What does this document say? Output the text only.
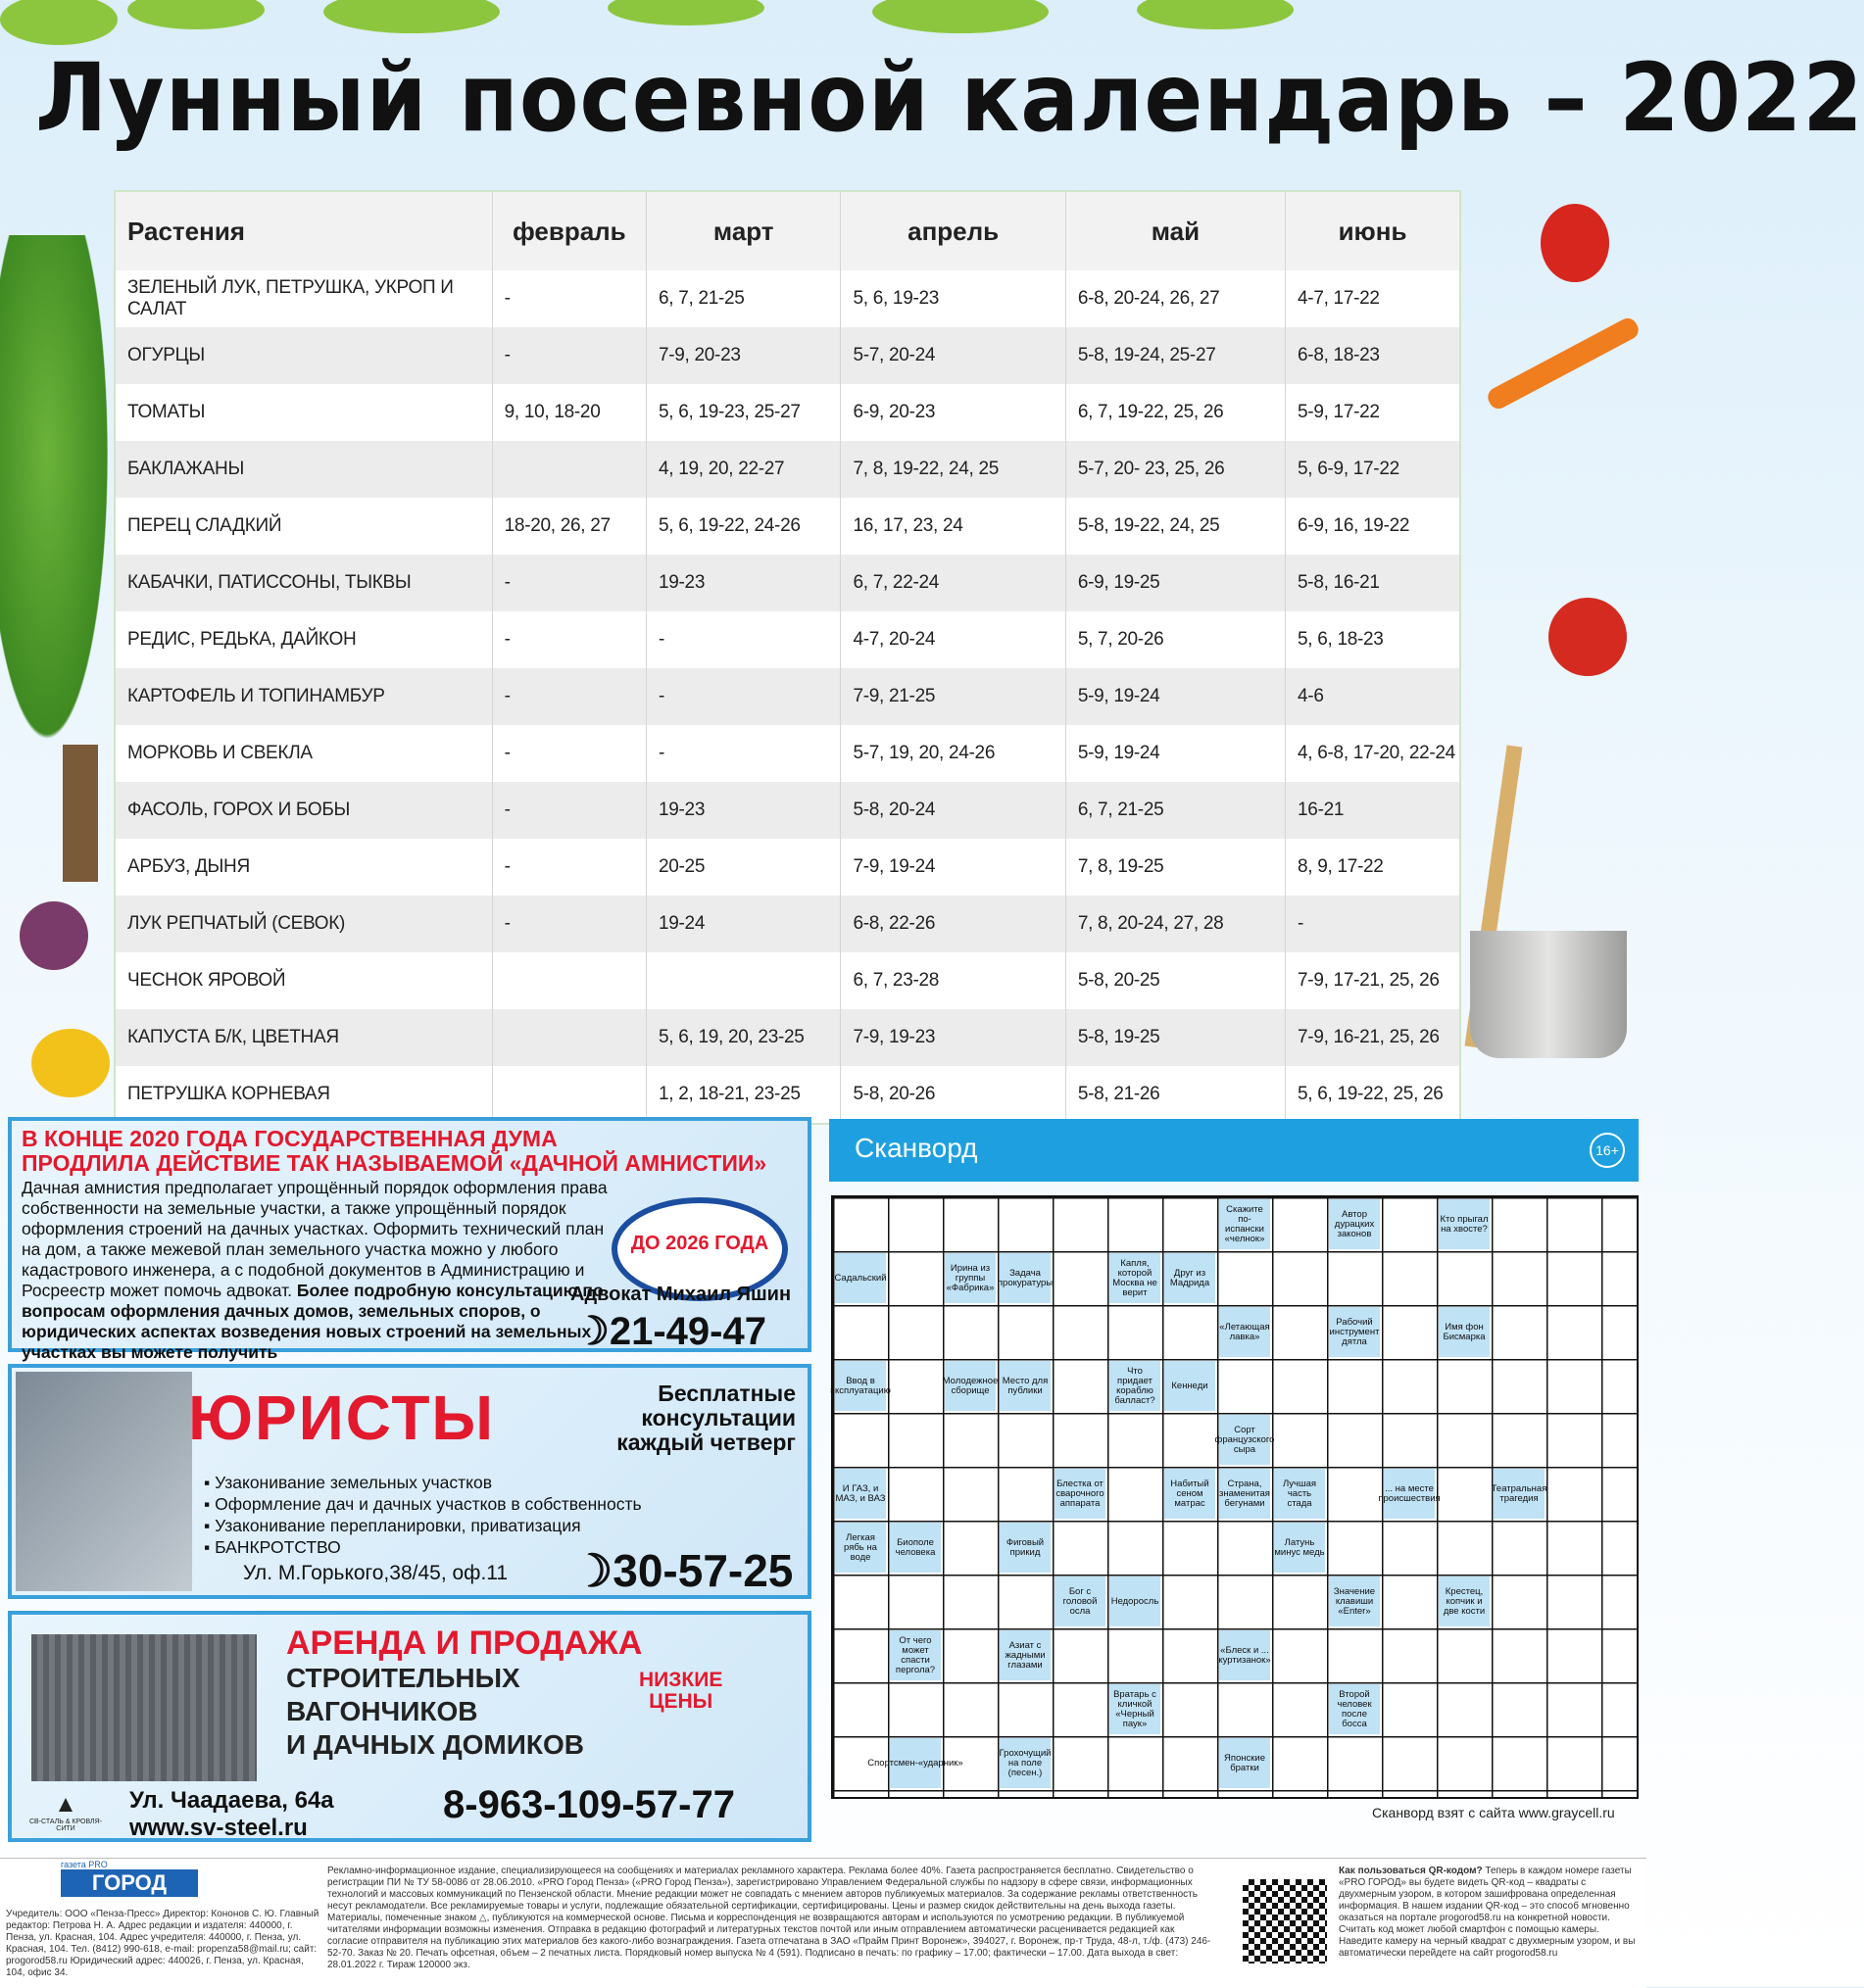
Лунный посевной календарь – 2022
Растения	февраль	март	апрель	май	июнь
ЗЕЛЕНЫЙ ЛУК, ПЕТРУШКА, УКРОП И САЛАТ	-	6, 7, 21-25	5, 6, 19-23	6-8, 20-24, 26, 27	4-7, 17-22
ОГУРЦЫ	-	7-9, 20-23	5-7, 20-24	5-8, 19-24, 25-27	6-8, 18-23
ТОМАТЫ	9, 10, 18-20	5, 6, 19-23, 25-27	6-9, 20-23	6, 7, 19-22, 25, 26	5-9, 17-22
БАКЛАЖАНЫ		4, 19, 20, 22-27	7, 8, 19-22, 24, 25	5-7, 20- 23, 25, 26	5, 6-9, 17-22
ПЕРЕЦ СЛАДКИЙ	18-20, 26, 27	5, 6, 19-22, 24-26	16, 17, 23, 24	5-8, 19-22, 24, 25	6-9, 16, 19-22
КАБАЧКИ, ПАТИССОНЫ, ТЫКВЫ	-	19-23	6, 7, 22-24	6-9, 19-25	5-8, 16-21
РЕДИС, РЕДЬКА, ДАЙКОН	-	-	4-7, 20-24	5, 7, 20-26	5, 6, 18-23
КАРТОФЕЛЬ И ТОПИНАМБУР	-	-	7-9, 21-25	5-9, 19-24	4-6
МОРКОВЬ И СВЕКЛА	-	-	5-7, 19, 20, 24-26	5-9, 19-24	4, 6-8, 17-20, 22-24
ФАСОЛЬ, ГОРОХ И БОБЫ	-	19-23	5-8, 20-24	6, 7, 21-25	16-21
АРБУЗ, ДЫНЯ	-	20-25	7-9, 19-24	7, 8, 19-25	8, 9, 17-22
ЛУК РЕПЧАТЫЙ (СЕВОК)	-	19-24	6-8, 22-26	7, 8, 20-24, 27, 28	-
ЧЕСНОК ЯРОВОЙ			6, 7, 23-28	5-8, 20-25	7-9, 17-21, 25, 26
КАПУСТА Б/К, ЦВЕТНАЯ		5, 6, 19, 20, 23-25	7-9, 19-23	5-8, 19-25	7-9, 16-21, 25, 26
ПЕТРУШКА КОРНЕВАЯ		1, 2, 18-21, 23-25	5-8, 20-26	5-8, 21-26	5, 6, 19-22, 25, 26
В КОНЦЕ 2020 ГОДА ГОСУДАРСТВЕННАЯ ДУМА
ПРОДЛИЛА ДЕЙСТВИЕ ТАК НАЗЫВАЕМОЙ «ДАЧНОЙ АМНИСТИИ»
Дачная амнистия предполагает упрощённый порядок оформления права собственности на земельные участки, а также упрощённый порядок оформления строений на дачных участках. Оформить технический план на дом, а также межевой план земельного участка можно у любого кадастрового инженера, а с подобной документов в Администрацию и Росреестр может помочь адвокат. Более подробную консультацию по вопросам оформления дачных домов, земельных споров, о юридических аспектах возведения новых строений на земельных участках вы можете получить
ДО 2026 ГОДА
Адвокат Михаил Яшин
☽21-49-47
ЮРИСТЫ	Бесплатные
консультации
каждый четверг
▪ Узаконивание земельных участков
▪ Оформление дач и дачных участков в собственность
▪ Узаконивание перепланировки, приватизация
▪ БАНКРОТСТВО
Ул. М.Горького,38/45, оф.11 ☽30-57-25
АРЕНДА И ПРОДАЖА
СТРОИТЕЛЬНЫХ
ВАГОНЧИКОВ
И ДАЧНЫХ ДОМИКОВ
НИЗКИЕ
ЦЕНЫ
▲
СВ-СТАЛЬ & КРОВЛЯ-СИТИ
Ул. Чаадаева, 64а
www.sv-steel.ru
8-963-109-57-77
Сканворд	16+
Скажите по-испански «челнок»
Автор дурацких законов
Кто прыгал на хвосте?
Садальский
Ирина из группы «Фабрика»
Задача прокуратуры
Капля, которой Москва не верит
Друг из Мадрида
«Летающая лавка»
Рабочий инструмент дятла
Имя фон Бисмарка
Ввод в эксплуатацию
Молодежное сборище
Место для публики
Что придает кораблю балласт?
Кеннеди
Сорт французского сыра
И ГАЗ, и МАЗ, и ВАЗ
Блестка от сварочного аппарата
Набитый сеном матрас
Страна, знаменитая бегунами
Лучшая часть стада
... на месте происшествия
Театральная трагедия
Легкая рябь на воде
Биополе человека
Фиговый прикид
Латунь минус медь
Бог с головой осла
Недоросль
Значение клавиши «Enter»
Крестец, копчик и две кости
От чего может спасти пергола?
Азиат с жадными глазами
«Блеск и ... куртизанок»
Вратарь с кличкой «Черный паук»
Второй человек после босса
Спортсмен-«ударник»
Грохочущий на поле (песен.)
Японские братки
Сканворд взят с сайта www.graycell.ru
газета PRO
ГОРОД
Учредитель: ООО «Пенза-Пресс» Директор: Кононов С. Ю. Главный редактор: Петрова Н. А. Адрес редакции и издателя: 440000, г. Пенза, ул. Красная, 104. Адрес учредителя: 440000, г. Пенза, ул. Красная, 104. Тел. (8412) 990-618, e-mail: propenza58@mail.ru; сайт: progorod58.ru Юридический адрес: 440026, г. Пенза, ул. Красная, 104, офис 34.
Рекламно-информационное издание, специализирующееся на сообщениях и материалах рекламного характера. Реклама более 40%. Газета распространяется бесплатно. Свидетельство о регистрации ПИ № ТУ 58-0086 от 28.06.2010. «PRO Город Пенза» («PRO Город Пенза»), зарегистрировано Управлением Федеральной службы по надзору в сфере связи, информационных технологий и массовых коммуникаций по Пензенской области. Мнение редакции может не совпадать с мнением авторов публикуемых материалов. За содержание рекламы ответственность несут рекламодатели. Все рекламируемые товары и услуги, подлежащие обязательной сертификации, сертифицированы. Цены и размер скидок действительны на день выхода газеты. Материалы, помеченные знаком △, публикуются на коммерческой основе. Письма и корреспонденция не возвращаются авторам и используются по усмотрению редакции. В публикуемой читателями информации возможны изменения. Отправка в редакцию фотографий и литературных текстов почтой или иным отправлением автоматически расценивается редакцией как согласие отправителя на публикацию этих материалов без какого-либо вознаграждения. Газета отпечатана в ЗАО «Прайм Принт Воронеж», 394027, г. Воронеж, пр-т Труда, 48-л, т./ф. (473) 246-52-70. Заказ № 20. Печать офсетная, объем – 2 печатных листа. Порядковый номер выпуска № 4 (591). Подписано в печать: по графику – 17.00; фактически – 17.00. Дата выхода в свет: 28.01.2022 г. Тираж 120000 экз.
Как пользоваться QR-кодом? Теперь в каждом номере газеты «PRO ГОРОД» вы будете видеть QR-код – квадраты с двухмерным узором, в котором зашифрована определенная информация. В нашем издании QR-код – это способ мгновенно оказаться на портале progorod58.ru на конкретной новости. Считать код может любой смартфон с помощью камеры. Наведите камеру на черный квадрат с двухмерным узором, и вы автоматически перейдете на сайт progorod58.ru
